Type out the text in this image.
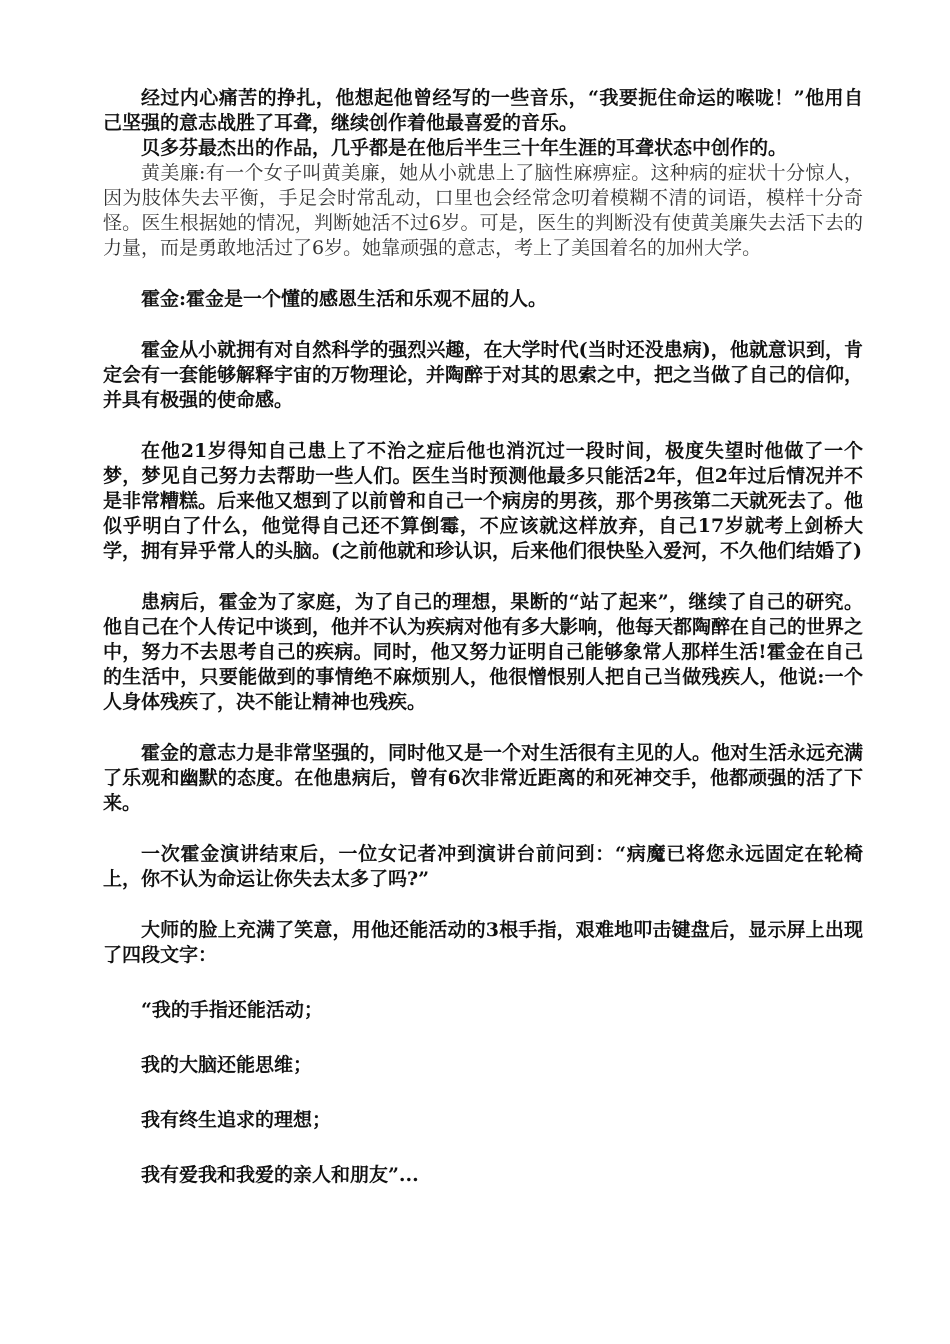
经过内心痛苦的挣扎，他想起他曾经写的一些音乐，“我要扼住命运的喉咙！”他用自己坚强的意志战胜了耳聋，继续创作着他最喜爱的音乐。

贝多芬最杰出的作品，几乎都是在他后半生三十年生涯的耳聋状态中创作的。

黄美廉:有一个女子叫黄美廉，她从小就患上了脑性麻痹症。这种病的症状十分惊人，因为肢体失去平衡，手足会时常乱动，口里也会经常念叨着模糊不清的词语，模样十分奇怪。医生根据她的情况，判断她活不过6岁。可是，医生的判断没有使黄美廉失去活下去的力量，而是勇敢地活过了6岁。她靠顽强的意志，考上了美国着名的加州大学。

霍金:霍金是一个懂的感恩生活和乐观不屈的人。

霍金从小就拥有对自然科学的强烈兴趣，在大学时代(当时还没患病)，他就意识到，肯定会有一套能够解释宇宙的万物理论，并陶醉于对其的思索之中，把之当做了自己的信仰，并具有极强的使命感。

在他21岁得知自己患上了不治之症后他也消沉过一段时间，极度失望时他做了一个梦，梦见自己努力去帮助一些人们。医生当时预测他最多只能活2年，但2年过后情况并不是非常糟糕。后来他又想到了以前曾和自己一个病房的男孩，那个男孩第二天就死去了。他似乎明白了什么，他觉得自己还不算倒霉，不应该就这样放弃，自己17岁就考上剑桥大学，拥有异乎常人的头脑。(之前他就和珍认识，后来他们很快坠入爱河，不久他们结婚了)

患病后，霍金为了家庭，为了自己的理想，果断的“站了起来”，继续了自己的研究。他自己在个人传记中谈到，他并不认为疾病对他有多大影响，他每天都陶醉在自己的世界之中，努力不去思考自己的疾病。同时，他又努力证明自己能够象常人那样生活!霍金在自己的生活中，只要能做到的事情绝不麻烦别人，他很憎恨别人把自己当做残疾人，他说:一个人身体残疾了，决不能让精神也残疾。

霍金的意志力是非常坚强的，同时他又是一个对生活很有主见的人。他对生活永远充满了乐观和幽默的态度。在他患病后，曾有6次非常近距离的和死神交手，他都顽强的活了下来。

一次霍金演讲结束后，一位女记者冲到演讲台前问到：“病魔已将您永远固定在轮椅上，你不认为命运让你失去太多了吗?”

大师的脸上充满了笑意，用他还能活动的3根手指，艰难地叩击键盘后，显示屏上出现了四段文字：

“我的手指还能活动；

我的大脑还能思维；

我有终生追求的理想；

我有爱我和我爱的亲人和朋友”...
